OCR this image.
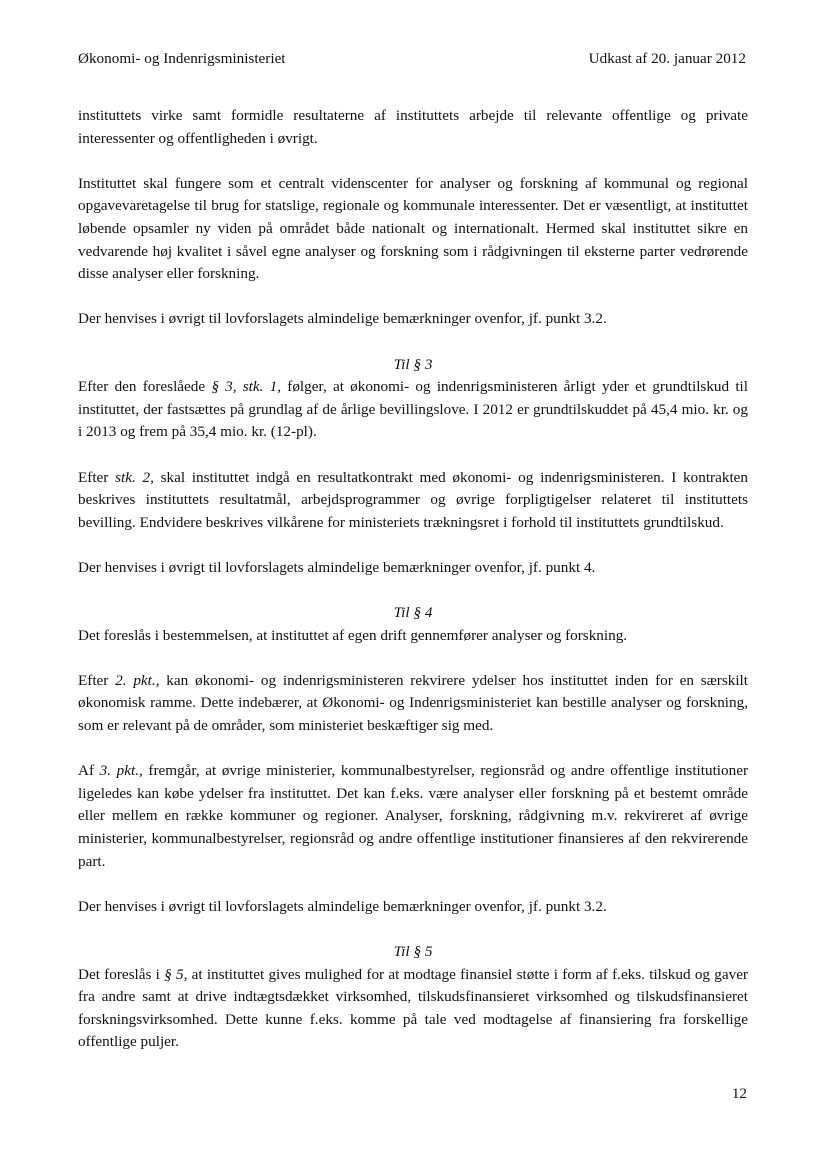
Økonomi- og Indenrigsministeriet	Udkast af 20. januar 2012

instituttets virke samt formidle resultaterne af instituttets arbejde til relevante offentlige og private interessenter og offentligheden i øvrigt.

Instituttet skal fungere som et centralt videnscenter for analyser og forskning af kommunal og regional opgavevaretagelse til brug for statslige, regionale og kommunale interessenter. Det er væsentligt, at instituttet løbende opsamler ny viden på området både nationalt og internationalt. Hermed skal instituttet sikre en vedvarende høj kvalitet i såvel egne analyser og forskning som i rådgivningen til eksterne parter vedrørende disse analyser eller forskning.

Der henvises i øvrigt til lovforslagets almindelige bemærkninger ovenfor, jf. punkt 3.2.

Til § 3

Efter den foreslåede § 3, stk. 1, følger, at økonomi- og indenrigsministeren årligt yder et grundtilskud til instituttet, der fastsættes på grundlag af de årlige bevillingslove. I 2012 er grundtilskuddet på 45,4 mio. kr. og i 2013 og frem på 35,4 mio. kr. (12-pl).

Efter stk. 2, skal instituttet indgå en resultatkontrakt med økonomi- og indenrigsministeren. I kontrakten beskrives instituttets resultatmål, arbejdsprogrammer og øvrige forpligtigelser relateret til instituttets bevilling. Endvidere beskrives vilkårene for ministeriets trækningsret i forhold til instituttets grundtilskud.

Der henvises i øvrigt til lovforslagets almindelige bemærkninger ovenfor, jf. punkt 4.

Til § 4

Det foreslås i bestemmelsen, at instituttet af egen drift gennemfører analyser og forskning.

Efter 2. pkt., kan økonomi- og indenrigsministeren rekvirere ydelser hos instituttet inden for en særskilt økonomisk ramme. Dette indebærer, at Økonomi- og Indenrigsministeriet kan bestille analyser og forskning, som er relevant på de områder, som ministeriet beskæftiger sig med.

Af 3. pkt., fremgår, at øvrige ministerier, kommunalbestyrelser, regionsråd og andre offentlige institutioner ligeledes kan købe ydelser fra instituttet. Det kan f.eks. være analyser eller forskning på et bestemt område eller mellem en række kommuner og regioner. Analyser, forskning, rådgivning m.v. rekvireret af øvrige ministerier, kommunalbestyrelser, regionsråd og andre offentlige institutioner finansieres af den rekvirerende part.

Der henvises i øvrigt til lovforslagets almindelige bemærkninger ovenfor, jf. punkt 3.2.

Til § 5

Det foreslås i § 5, at instituttet gives mulighed for at modtage finansiel støtte i form af f.eks. tilskud og gaver fra andre samt at drive indtægtsdækket virksomhed, tilskudsfinansieret virksomhed og tilskudsfinansieret forskningsvirksomhed. Dette kunne f.eks. komme på tale ved modtagelse af finansiering fra forskellige offentlige puljer.

12
